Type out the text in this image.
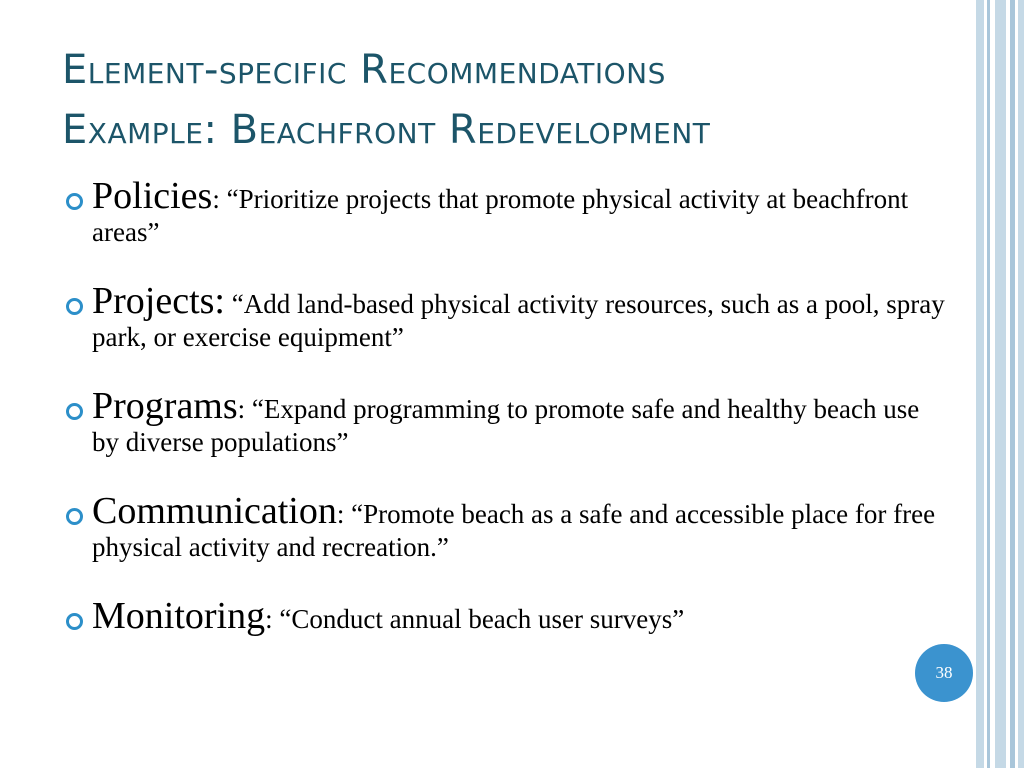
Element-specific Recommendations
Example: Beachfront Redevelopment
Policies: “Prioritize projects that promote physical activity at beachfront areas”
Projects: “Add land-based physical activity resources, such as a pool, spray park, or exercise equipment”
Programs: “Expand programming to promote safe and healthy beach use by diverse populations”
Communication: “Promote beach as a safe and accessible place for free physical activity and recreation.”
Monitoring: “Conduct annual beach user surveys”
38
